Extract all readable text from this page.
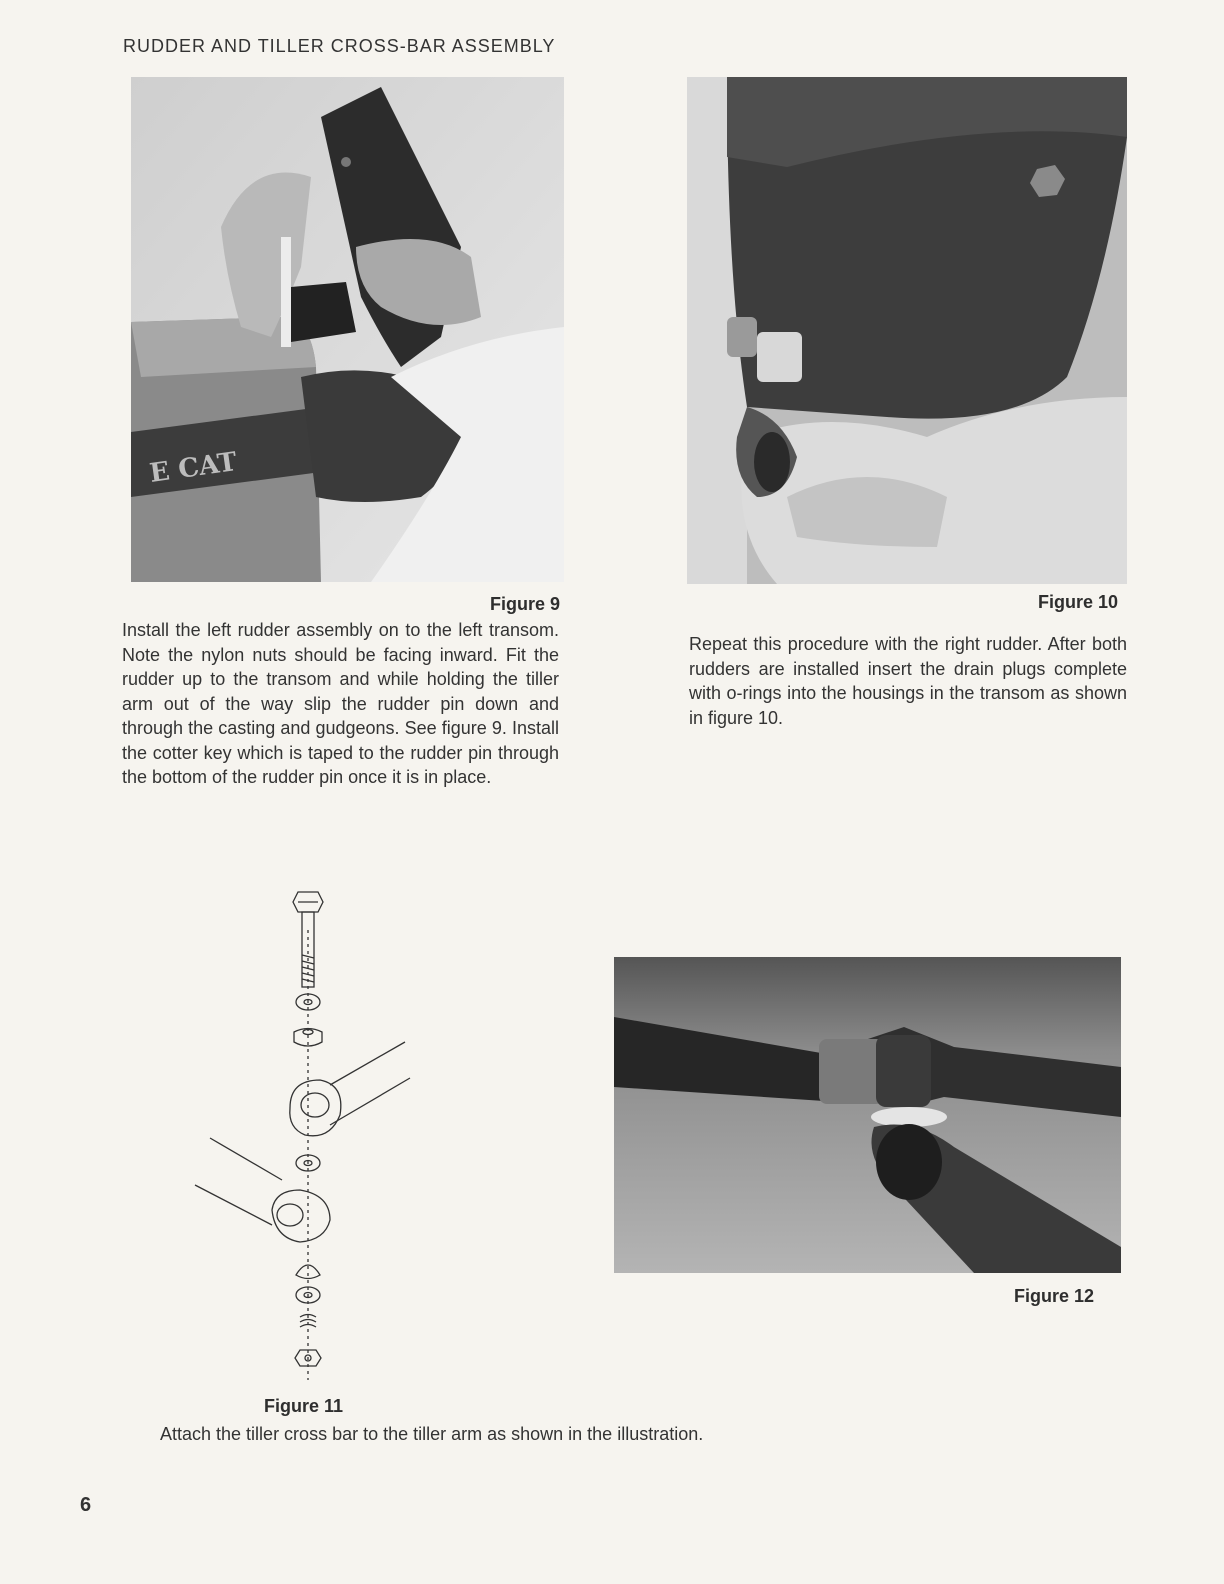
RUDDER AND TILLER CROSS-BAR ASSEMBLY
E CAT
Figure 9
Install the left rudder assembly on to the left transom. Note the nylon nuts should be facing inward. Fit the rudder up to the transom and while holding the tiller arm out of the way slip the rudder pin down and through the casting and gudgeons. See figure 9. Install the cotter key which is taped to the rudder pin through the bottom of the rudder pin once it is in place.
Figure 10
Repeat this procedure with the right rudder. After both rudders are installed insert the drain plugs complete with o-rings into the housings in the transom as shown in figure 10.
Figure 11
Attach the tiller cross bar to the tiller arm as shown in the illustration.
Figure 12
6
